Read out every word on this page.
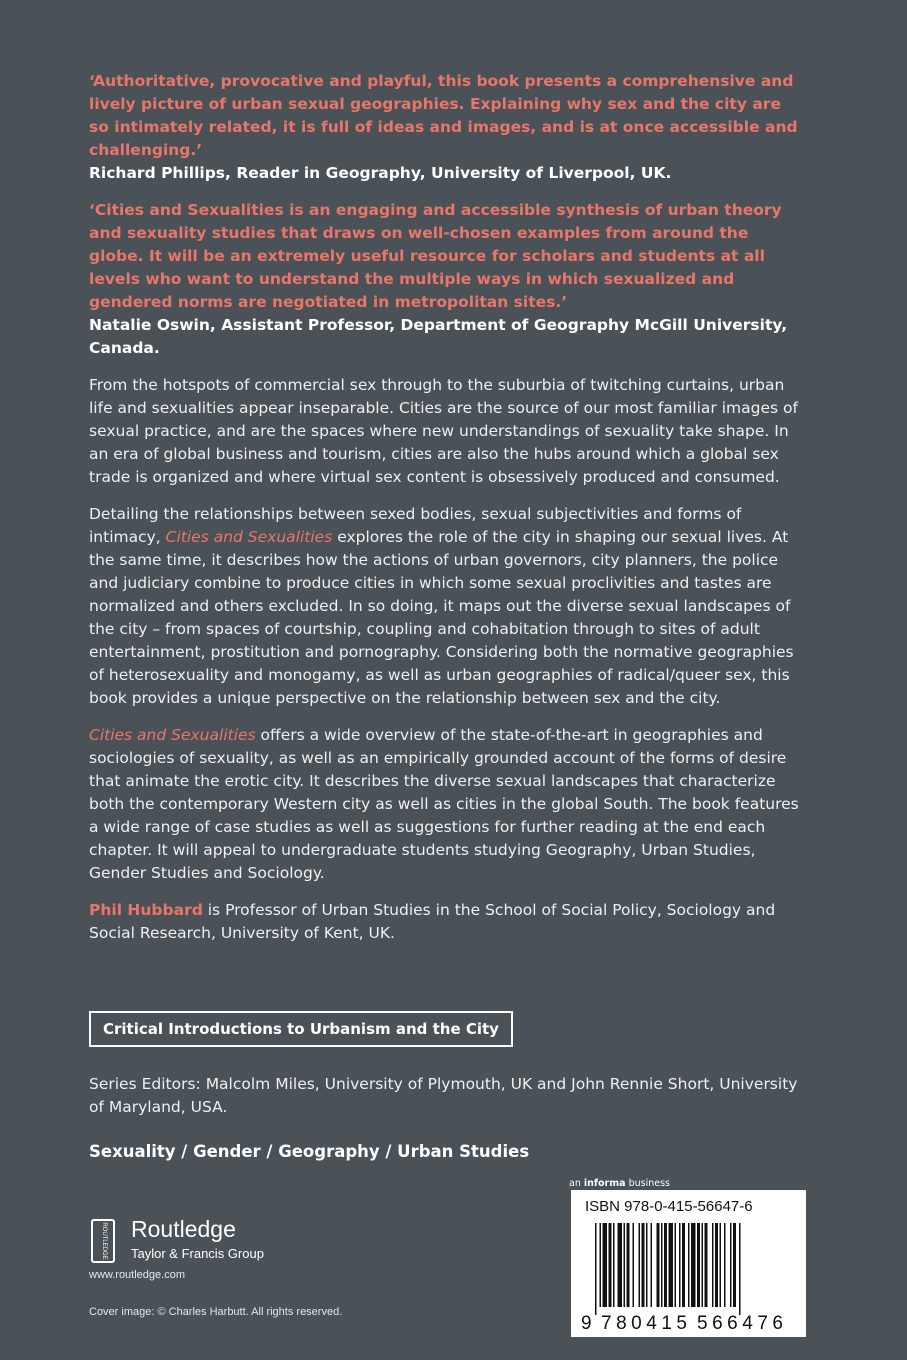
‘Authoritative, provocative and playful, this book presents a comprehensive and lively picture of urban sexual geographies. Explaining why sex and the city are so intimately related, it is full of ideas and images, and is at once accessible and challenging.’

Richard Phillips, Reader in Geography, University of Liverpool, UK.

‘Cities and Sexualities is an engaging and accessible synthesis of urban theory and sexuality studies that draws on well-chosen examples from around the globe. It will be an extremely useful resource for scholars and students at all levels who want to understand the multiple ways in which sexualized and gendered norms are negotiated in metropolitan sites.’

Natalie Oswin, Assistant Professor, Department of Geography McGill University, Canada.

From the hotspots of commercial sex through to the suburbia of twitching curtains, urban life and sexualities appear inseparable. Cities are the source of our most familiar images of sexual practice, and are the spaces where new understandings of sexuality take shape. In an era of global business and tourism, cities are also the hubs around which a global sex trade is organized and where virtual sex content is obsessively produced and consumed.

Detailing the relationships between sexed bodies, sexual subjectivities and forms of intimacy, Cities and Sexualities explores the role of the city in shaping our sexual lives. At the same time, it describes how the actions of urban governors, city planners, the police and judiciary combine to produce cities in which some sexual proclivities and tastes are normalized and others excluded. In so doing, it maps out the diverse sexual landscapes of the city – from spaces of courtship, coupling and cohabitation through to sites of adult entertainment, prostitution and pornography. Considering both the normative geographies of heterosexuality and monogamy, as well as urban geographies of radical/queer sex, this book provides a unique perspective on the relationship between sex and the city.

Cities and Sexualities offers a wide overview of the state-of-the-art in geographies and sociologies of sexuality, as well as an empirically grounded account of the forms of desire that animate the erotic city. It describes the diverse sexual landscapes that characterize both the contemporary Western city as well as cities in the global South. The book features a wide range of case studies as well as suggestions for further reading at the end each chapter. It will appeal to undergraduate students studying Geography, Urban Studies, Gender Studies and Sociology.

Phil Hubbard is Professor of Urban Studies in the School of Social Policy, Sociology and Social Research, University of Kent, UK.

Critical Introductions to Urbanism and the City
Series Editors: Malcolm Miles, University of Plymouth, UK and John Rennie Short, University of Maryland, USA.
Sexuality / Gender / Geography / Urban Studies
ROUTLEDGE Routledge
Taylor & Francis Group
www.routledge.com
an informa business
ISBN 978-0-415-56647-6
9 780415 566476
Cover image: © Charles Harbutt. All rights reserved.
